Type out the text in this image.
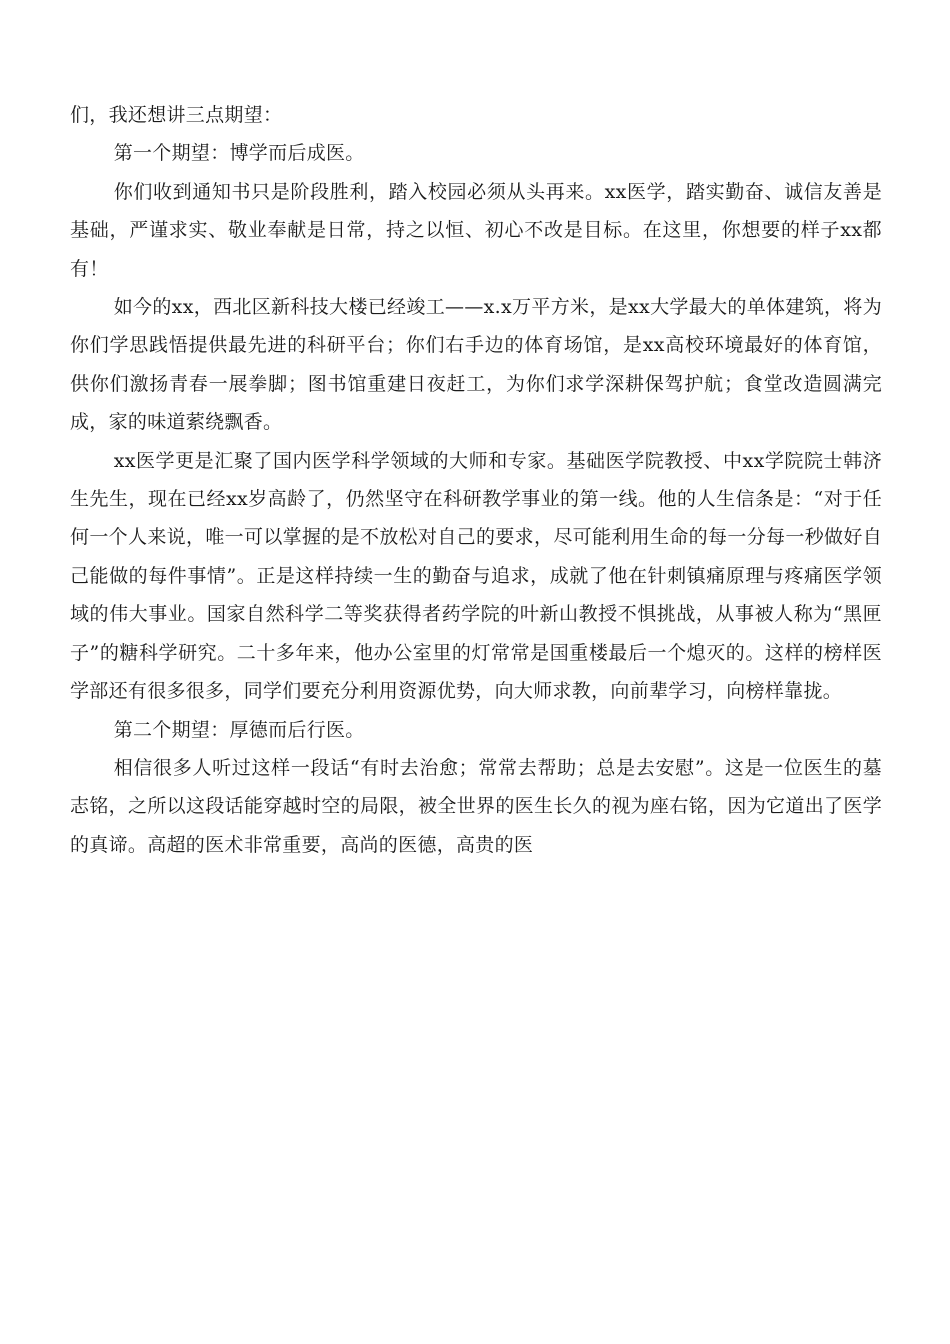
们，我还想讲三点期望：

第一个期望：博学而后成医。

你们收到通知书只是阶段胜利，踏入校园必须从头再来。xx医学，踏实勤奋、诚信友善是基础，严谨求实、敬业奉献是日常，持之以恒、初心不改是目标。在这里，你想要的样子xx都有！

如今的xx，西北区新科技大楼已经竣工——x.x万平方米，是xx大学最大的单体建筑，将为你们学思践悟提供最先进的科研平台；你们右手边的体育场馆，是xx高校环境最好的体育馆，供你们激扬青春一展拳脚；图书馆重建日夜赶工，为你们求学深耕保驾护航；食堂改造圆满完成，家的味道萦绕飘香。

xx医学更是汇聚了国内医学科学领域的大师和专家。基础医学院教授、中xx学院院士韩济生先生，现在已经xx岁高龄了，仍然坚守在科研教学事业的第一线。他的人生信条是：“对于任何一个人来说，唯一可以掌握的是不放松对自己的要求，尽可能利用生命的每一分每一秒做好自己能做的每件事情”。正是这样持续一生的勤奋与追求，成就了他在针刺镇痛原理与疼痛医学领域的伟大事业。国家自然科学二等奖获得者药学院的叶新山教授不惧挑战，从事被人称为“黑匣子”的糖科学研究。二十多年来，他办公室里的灯常常是国重楼最后一个熄灭的。这样的榜样医学部还有很多很多，同学们要充分利用资源优势，向大师求教，向前辈学习，向榜样靠拢。

第二个期望：厚德而后行医。

相信很多人听过这样一段话“有时去治愈；常常去帮助；总是去安慰”。这是一位医生的墓志铭，之所以这段话能穿越时空的局限，被全世界的医生长久的视为座右铭，因为它道出了医学的真谛。高超的医术非常重要，高尚的医德，高贵的医
